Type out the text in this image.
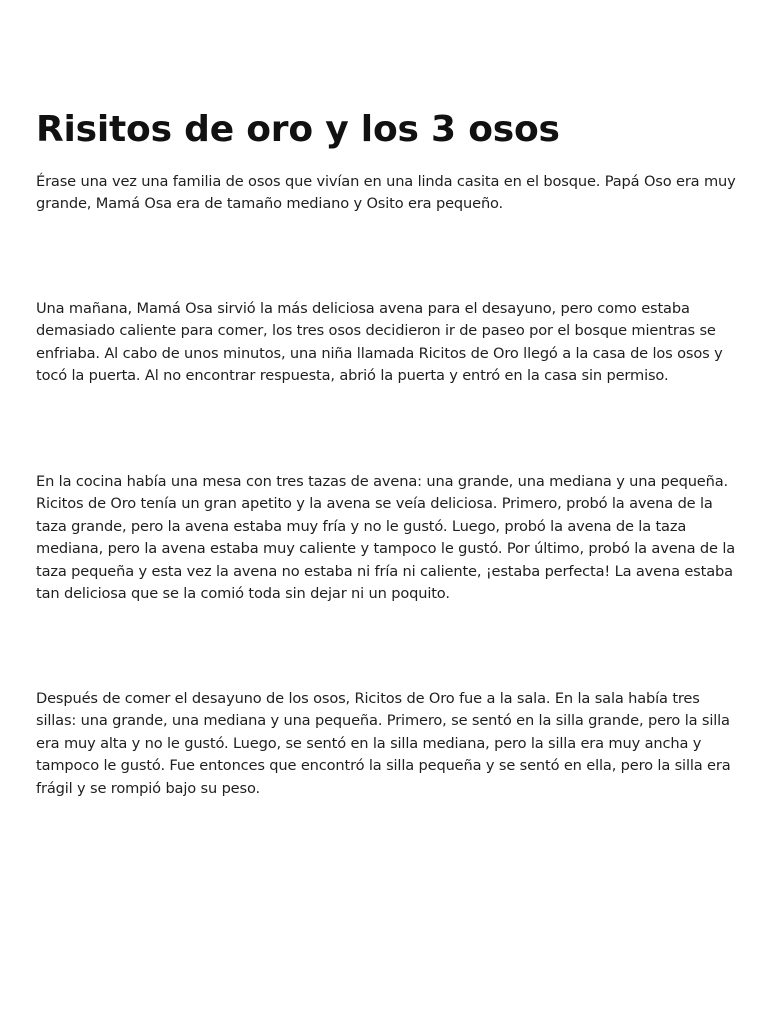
Risitos de oro y los 3 osos

Érase una vez una familia de osos que vivían en una linda casita en el bosque. Papá Oso era muy grande, Mamá Osa era de tamaño mediano y Osito era pequeño.

Una mañana, Mamá Osa sirvió la más deliciosa avena para el desayuno, pero como estaba demasiado caliente para comer, los tres osos decidieron ir de paseo por el bosque mientras se enfriaba. Al cabo de unos minutos, una niña llamada Ricitos de Oro llegó a la casa de los osos y tocó la puerta. Al no encontrar respuesta, abrió la puerta y entró en la casa sin permiso.

En la cocina había una mesa con tres tazas de avena: una grande, una mediana y una pequeña. Ricitos de Oro tenía un gran apetito y la avena se veía deliciosa. Primero, probó la avena de la taza grande, pero la avena estaba muy fría y no le gustó. Luego, probó la avena de la taza mediana, pero la avena estaba muy caliente y tampoco le gustó. Por último, probó la avena de la taza pequeña y esta vez la avena no estaba ni fría ni caliente, ¡estaba perfecta! La avena estaba tan deliciosa que se la comió toda sin dejar ni un poquito.

Después de comer el desayuno de los osos, Ricitos de Oro fue a la sala. En la sala había tres sillas: una grande, una mediana y una pequeña. Primero, se sentó en la silla grande, pero la silla era muy alta y no le gustó. Luego, se sentó en la silla mediana, pero la silla era muy ancha y tampoco le gustó. Fue entonces que encontró la silla pequeña y se sentó en ella, pero la silla era frágil y se rompió bajo su peso.
